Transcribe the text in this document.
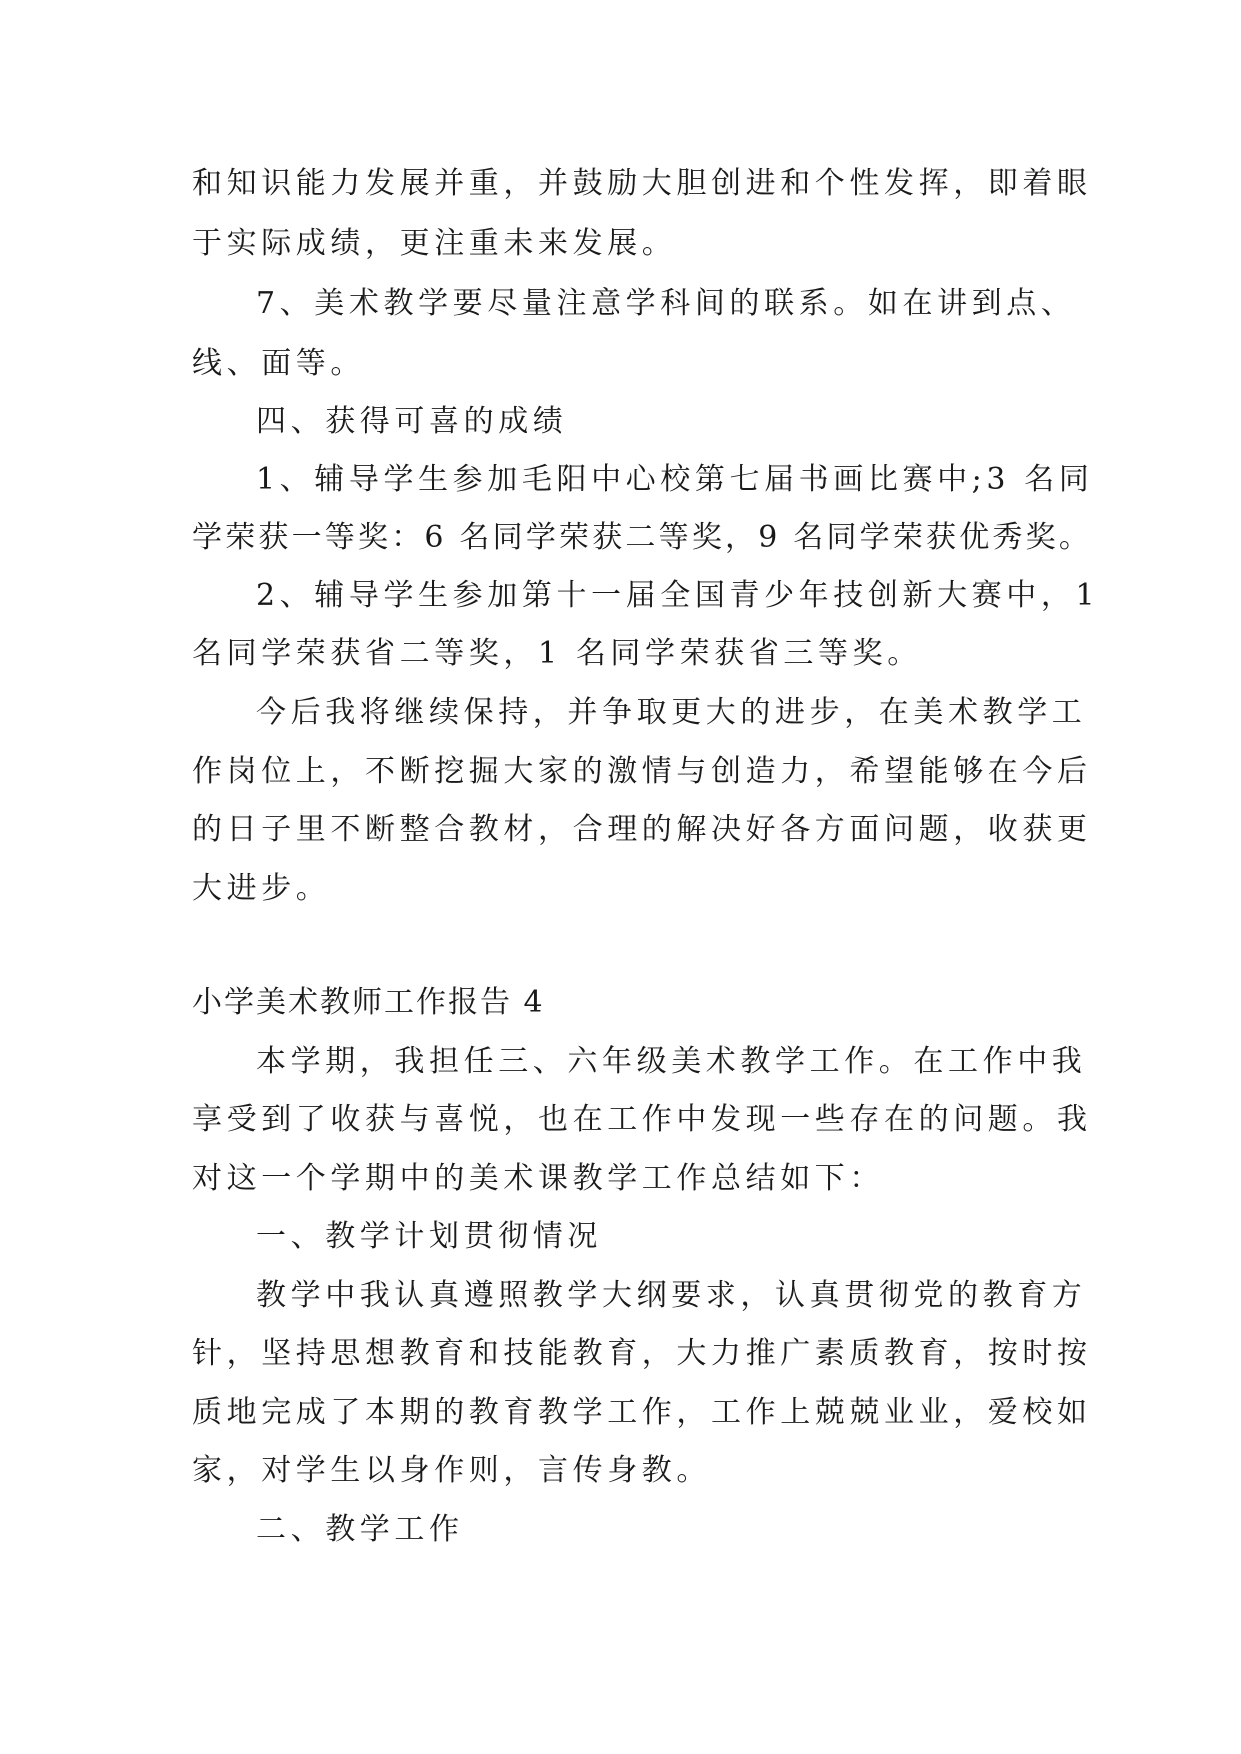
和知识能力发展并重，并鼓励大胆创进和个性发挥，即着眼
于实际成绩，更注重未来发展。
7、美术教学要尽量注意学科间的联系。如在讲到点、
线、面等。
四、获得可喜的成绩
1、辅导学生参加毛阳中心校第七届书画比赛中;3 名同
学荣获一等奖：6 名同学荣获二等奖，9 名同学荣获优秀奖。
2、辅导学生参加第十一届全国青少年技创新大赛中，1
名同学荣获省二等奖，1 名同学荣获省三等奖。
今后我将继续保持，并争取更大的进步，在美术教学工
作岗位上，不断挖掘大家的激情与创造力，希望能够在今后
的日子里不断整合教材，合理的解决好各方面问题，收获更
大进步。
小学美术教师工作报告 4
本学期，我担任三、六年级美术教学工作。在工作中我
享受到了收获与喜悦，也在工作中发现一些存在的问题。我
对这一个学期中的美术课教学工作总结如下：
一、教学计划贯彻情况
教学中我认真遵照教学大纲要求，认真贯彻党的教育方
针，坚持思想教育和技能教育，大力推广素质教育，按时按
质地完成了本期的教育教学工作，工作上兢兢业业，爱校如
家，对学生以身作则，言传身教。
二、教学工作
